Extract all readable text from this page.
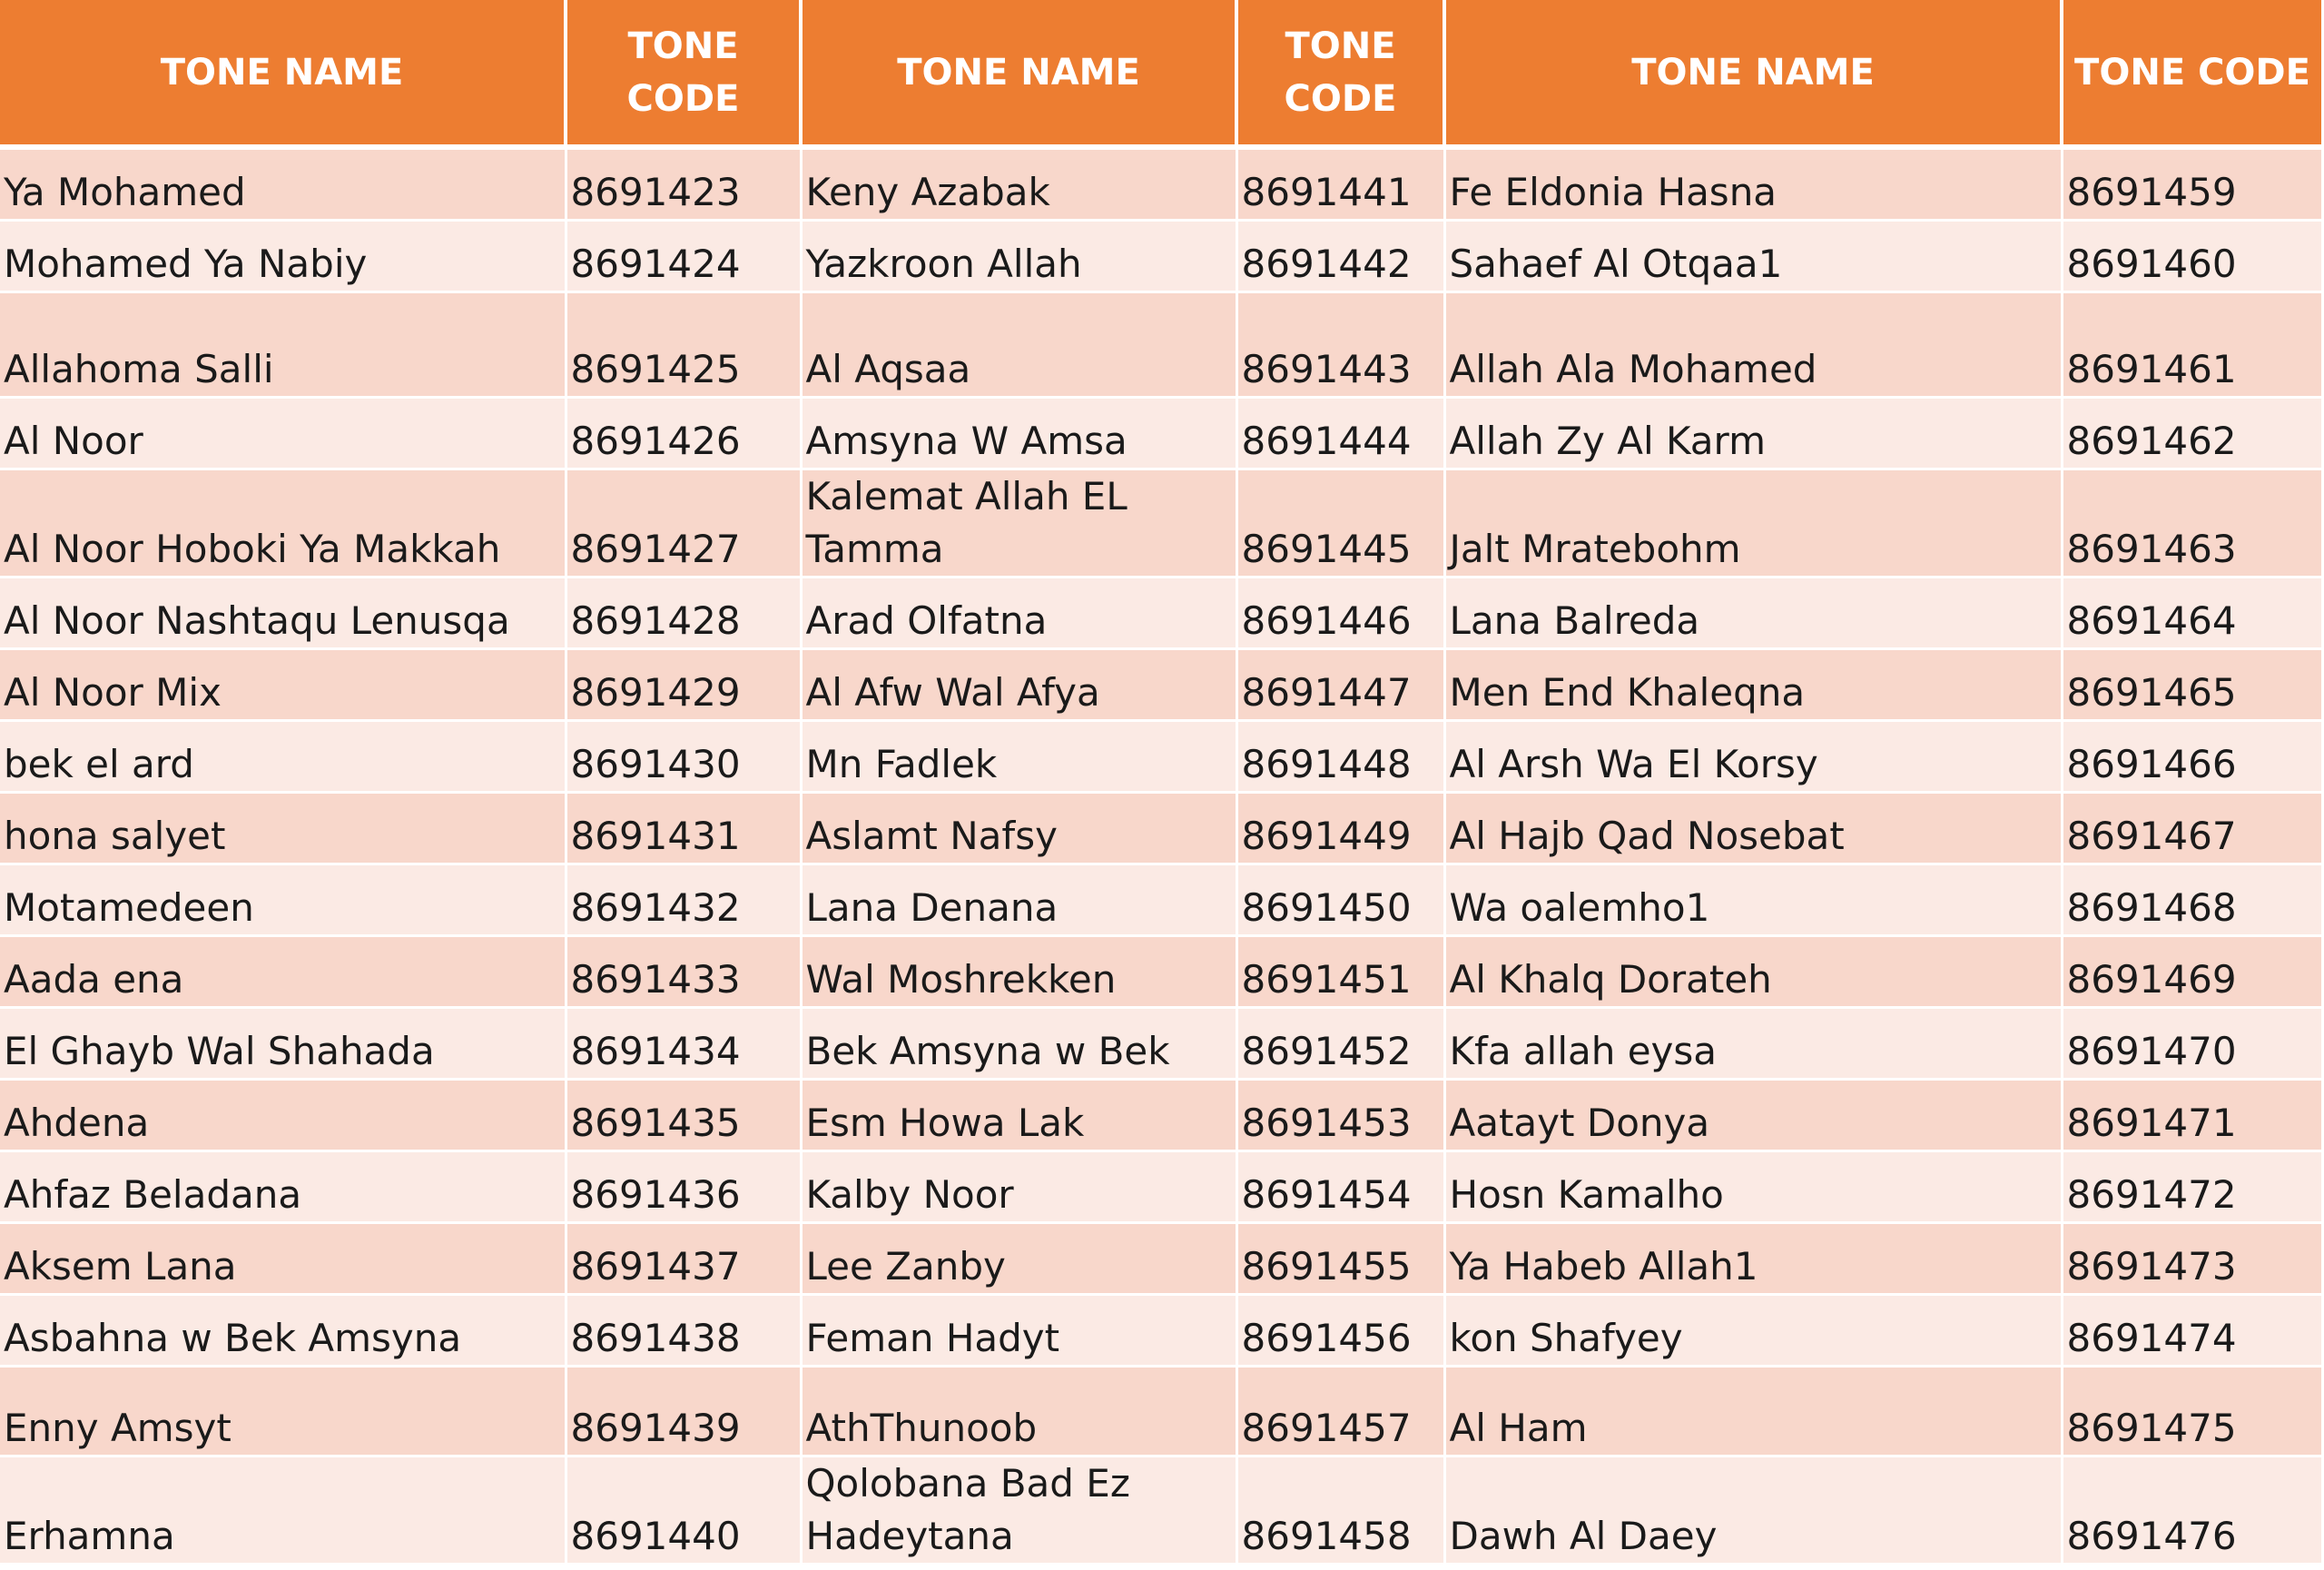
TONE NAME	TONE CODE	TONE NAME	TONE CODE	TONE NAME	TONE CODE
Ya Mohamed	8691423	Keny Azabak	8691441	Fe Eldonia Hasna	8691459
Mohamed Ya Nabiy	8691424	Yazkroon Allah	8691442	Sahaef Al Otqaa1	8691460
Allahoma Salli	8691425	Al Aqsaa	8691443	Allah Ala Mohamed	8691461
Al Noor	8691426	Amsyna W Amsa	8691444	Allah Zy Al Karm	8691462
Al Noor Hoboki Ya Makkah	8691427	Kalemat Allah EL Tamma	8691445	Jalt Mratebohm	8691463
Al Noor Nashtaqu Lenusqa	8691428	Arad Olfatna	8691446	Lana Balreda	8691464
Al Noor Mix	8691429	Al Afw Wal Afya	8691447	Men End Khaleqna	8691465
bek el ard	8691430	Mn Fadlek	8691448	Al Arsh Wa El Korsy	8691466
hona salyet	8691431	Aslamt Nafsy	8691449	Al Hajb Qad Nosebat	8691467
Motamedeen	8691432	Lana Denana	8691450	Wa oalemho1	8691468
Aada ena	8691433	Wal Moshrekken	8691451	Al Khalq Dorateh	8691469
El Ghayb Wal Shahada	8691434	Bek Amsyna w Bek	8691452	Kfa allah eysa	8691470
Ahdena	8691435	Esm Howa Lak	8691453	Aatayt Donya	8691471
Ahfaz Beladana	8691436	Kalby Noor	8691454	Hosn Kamalho	8691472
Aksem Lana	8691437	Lee Zanby	8691455	Ya Habeb Allah1	8691473
Asbahna w Bek Amsyna	8691438	Feman Hadyt	8691456	kon Shafyey	8691474
Enny Amsyt	8691439	AthThunoob	8691457	Al Ham	8691475
Erhamna	8691440	Qolobana Bad Ez Hadeytana	8691458	Dawh Al Daey	8691476
